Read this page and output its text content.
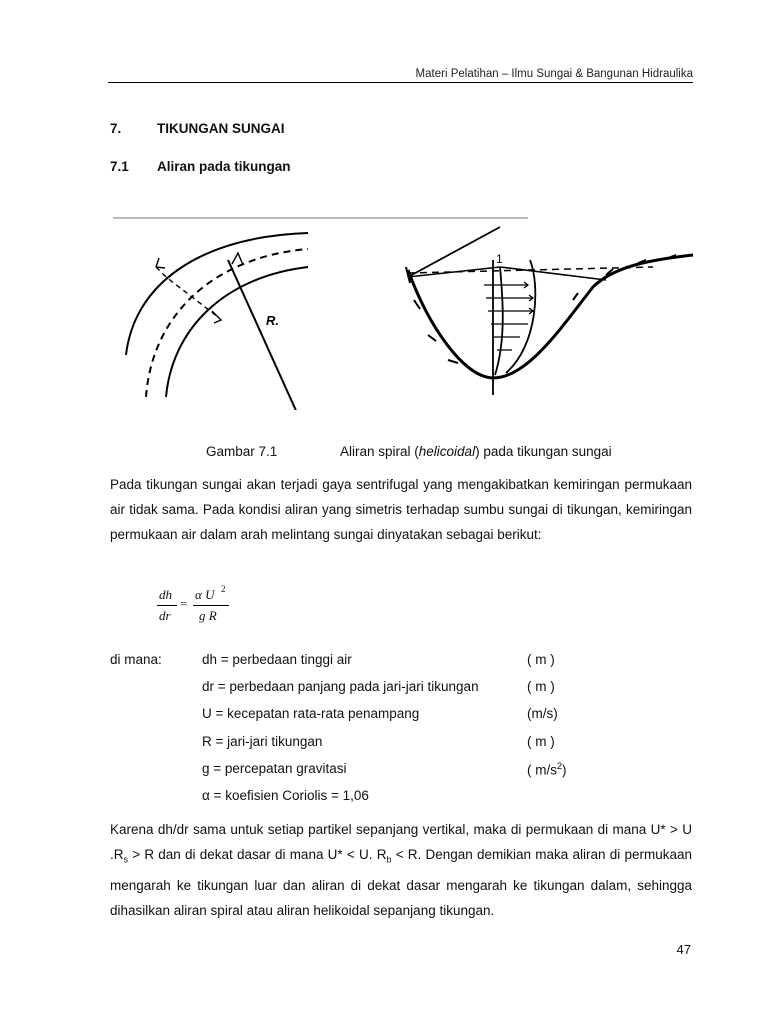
Materi Pelatihan – Ilmu Sungai & Bangunan Hidraulika
7.	TIKUNGAN SUNGAI
7.1 Aliran pada tikungan
R.
1
Gambar 7.1	Aliran spiral (helicoidal) pada tikungan sungai

Pada tikungan sungai akan terjadi gaya sentrifugal yang mengakibatkan kemiringan permukaan air tidak sama. Pada kondisi aliran yang simetris terhadap sumbu sungai di tikungan, kemiringan permukaan air dalam arah melintang sungai dinyatakan sebagai berikut:

dh
dr
=
α U 2
g R
di mana:	dh = perbedaan tinggi air	( m )
dr = perbedaan panjang pada jari-jari tikungan	( m )
U = kecepatan rata-rata penampang	(m/s)
R = jari-jari tikungan	( m )
g = percepatan gravitasi	( $m/s^2$)
α = koefisien Coriolis = 1,06

Karena dh/dr sama untuk setiap partikel sepanjang vertikal, maka di permukaan di mana U* > U $.R_s > R$ dan di dekat dasar di mana U* < U. $R_b < R$. Dengan demikian maka aliran di permukaan mengarah ke tikungan luar dan aliran di dekat dasar mengarah ke tikungan dalam, sehingga dihasilkan aliran spiral atau aliran helikoidal sepanjang tikungan.

47
